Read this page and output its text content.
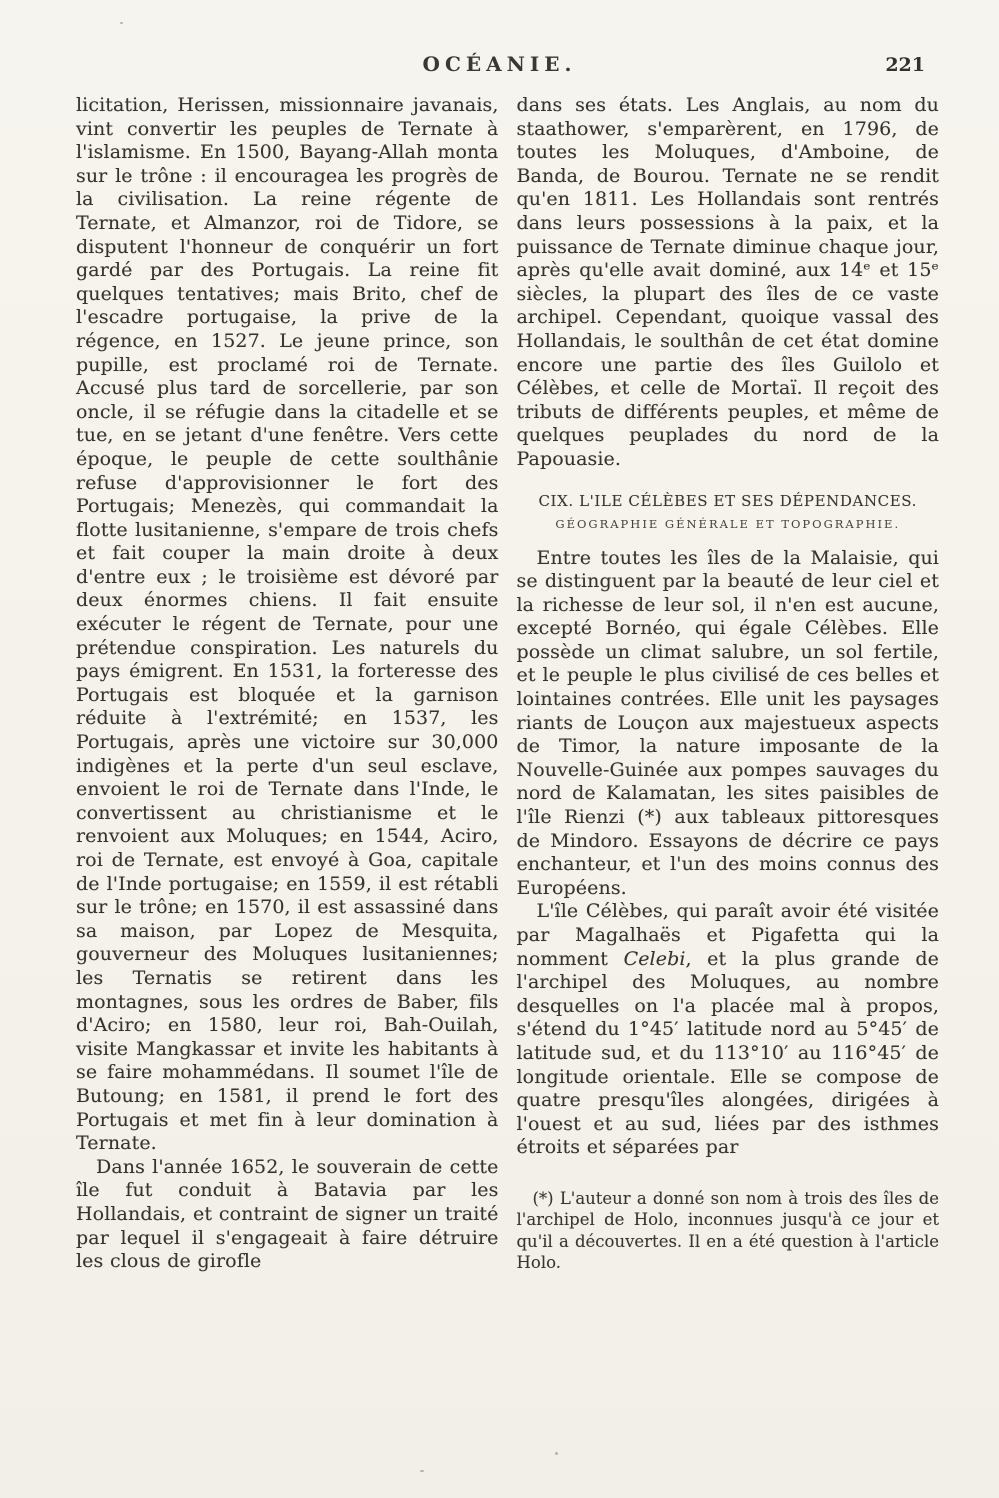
OCÉANIE.	221

licitation, Herissen, missionnaire javanais, vint convertir les peuples de Ternate à l'islamisme. En 1500, Bayang-Allah monta sur le trône : il encouragea les progrès de la civilisation. La reine régente de Ternate, et Almanzor, roi de Tidore, se disputent l'honneur de conquérir un fort gardé par des Portugais. La reine fit quelques tentatives; mais Brito, chef de l'escadre portugaise, la prive de la régence, en 1527. Le jeune prince, son pupille, est proclamé roi de Ternate. Accusé plus tard de sorcellerie, par son oncle, il se réfugie dans la citadelle et se tue, en se jetant d'une fenêtre. Vers cette époque, le peuple de cette soulthânie refuse d'approvisionner le fort des Portugais; Menezès, qui commandait la flotte lusitanienne, s'empare de trois chefs et fait couper la main droite à deux d'entre eux ; le troisième est dévoré par deux énormes chiens. Il fait ensuite exécuter le régent de Ternate, pour une prétendue conspiration. Les naturels du pays émigrent. En 1531, la forteresse des Portugais est bloquée et la garnison réduite à l'extrémité; en 1537, les Portugais, après une victoire sur 30,000 indigènes et la perte d'un seul esclave, envoient le roi de Ternate dans l'Inde, le convertissent au christianisme et le renvoient aux Moluques; en 1544, Aciro, roi de Ternate, est envoyé à Goa, capitale de l'Inde portugaise; en 1559, il est rétabli sur le trône; en 1570, il est assassiné dans sa maison, par Lopez de Mesquita, gouverneur des Moluques lusitaniennes; les Ternatis se retirent dans les montagnes, sous les ordres de Baber, fils d'Aciro; en 1580, leur roi, Bah-Ouilah, visite Mangkassar et invite les habitants à se faire mohammédans. Il soumet l'île de Butoung; en 1581, il prend le fort des Portugais et met fin à leur domination à Ternate.

Dans l'année 1652, le souverain de cette île fut conduit à Batavia par les Hollandais, et contraint de signer un traité par lequel il s'engageait à faire détruire les clous de girofle

dans ses états. Les Anglais, au nom du staathower, s'emparèrent, en 1796, de toutes les Moluques, d'Amboine, de Banda, de Bourou. Ternate ne se rendit qu'en 1811. Les Hollandais sont rentrés dans leurs possessions à la paix, et la puissance de Ternate diminue chaque jour, après qu'elle avait dominé, aux 14ᵉ et 15ᵉ siècles, la plupart des îles de ce vaste archipel. Cependant, quoique vassal des Hollandais, le soulthân de cet état domine encore une partie des îles Guilolo et Célèbes, et celle de Mortaï. Il reçoit des tributs de différents peuples, et même de quelques peuplades du nord de la Papouasie.

CIX. L'ILE CÉLÈBES ET SES DÉPENDANCES.
GÉOGRAPHIE GÉNÉRALE ET TOPOGRAPHIE.

Entre toutes les îles de la Malaisie, qui se distinguent par la beauté de leur ciel et la richesse de leur sol, il n'en est aucune, excepté Bornéo, qui égale Célèbes. Elle possède un climat salubre, un sol fertile, et le peuple le plus civilisé de ces belles et lointaines contrées. Elle unit les paysages riants de Louçon aux majestueux aspects de Timor, la nature imposante de la Nouvelle-Guinée aux pompes sauvages du nord de Kalamatan, les sites paisibles de l'île Rienzi (*) aux tableaux pittoresques de Mindoro. Essayons de décrire ce pays enchanteur, et l'un des moins connus des Européens.

L'île Célèbes, qui paraît avoir été visitée par Magalhaës et Pigafetta qui la nomment Celebi, et la plus grande de l'archipel des Moluques, au nombre desquelles on l'a placée mal à propos, s'étend du 1°45′ latitude nord au 5°45′ de latitude sud, et du 113°10′ au 116°45′ de longitude orientale. Elle se compose de quatre presqu'îles alongées, dirigées à l'ouest et au sud, liées par des isthmes étroits et séparées par

(*) L'auteur a donné son nom à trois des îles de l'archipel de Holo, inconnues jusqu'à ce jour et qu'il a découvertes. Il en a été question à l'article Holo.
